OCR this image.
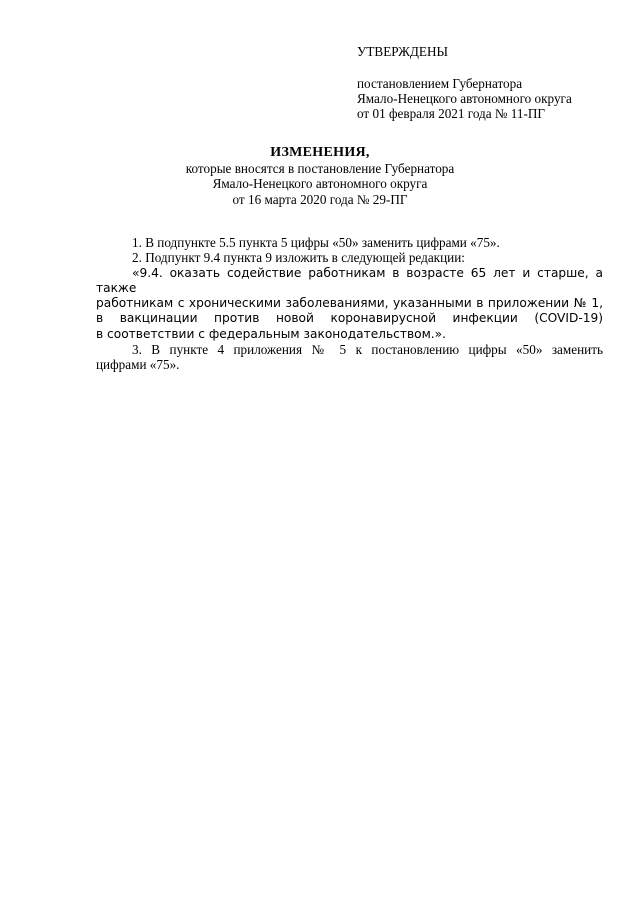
УТВЕРЖДЕНЫ
постановлением Губернатора
Ямало-Ненецкого автономного округа
от 01 февраля 2021 года № 11-ПГ
ИЗМЕНЕНИЯ,
которые вносятся в постановление Губернатора
Ямало-Ненецкого автономного округа
от 16 марта 2020 года № 29-ПГ
1. В подпункте 5.5 пункта 5 цифры «50» заменить цифрами «75».
2. Подпункт 9.4 пункта 9 изложить в следующей редакции:
«9.4. оказать содействие работникам в возрасте 65 лет и старше, а также
работникам с хроническими заболеваниями, указанными в приложении № 1,
в вакцинации против новой коронавирусной инфекции (COVID-19)
в соответствии с федеральным законодательством.».
3. В пункте 4 приложения № 5 к постановлению цифры «50» заменить
цифрами «75».
